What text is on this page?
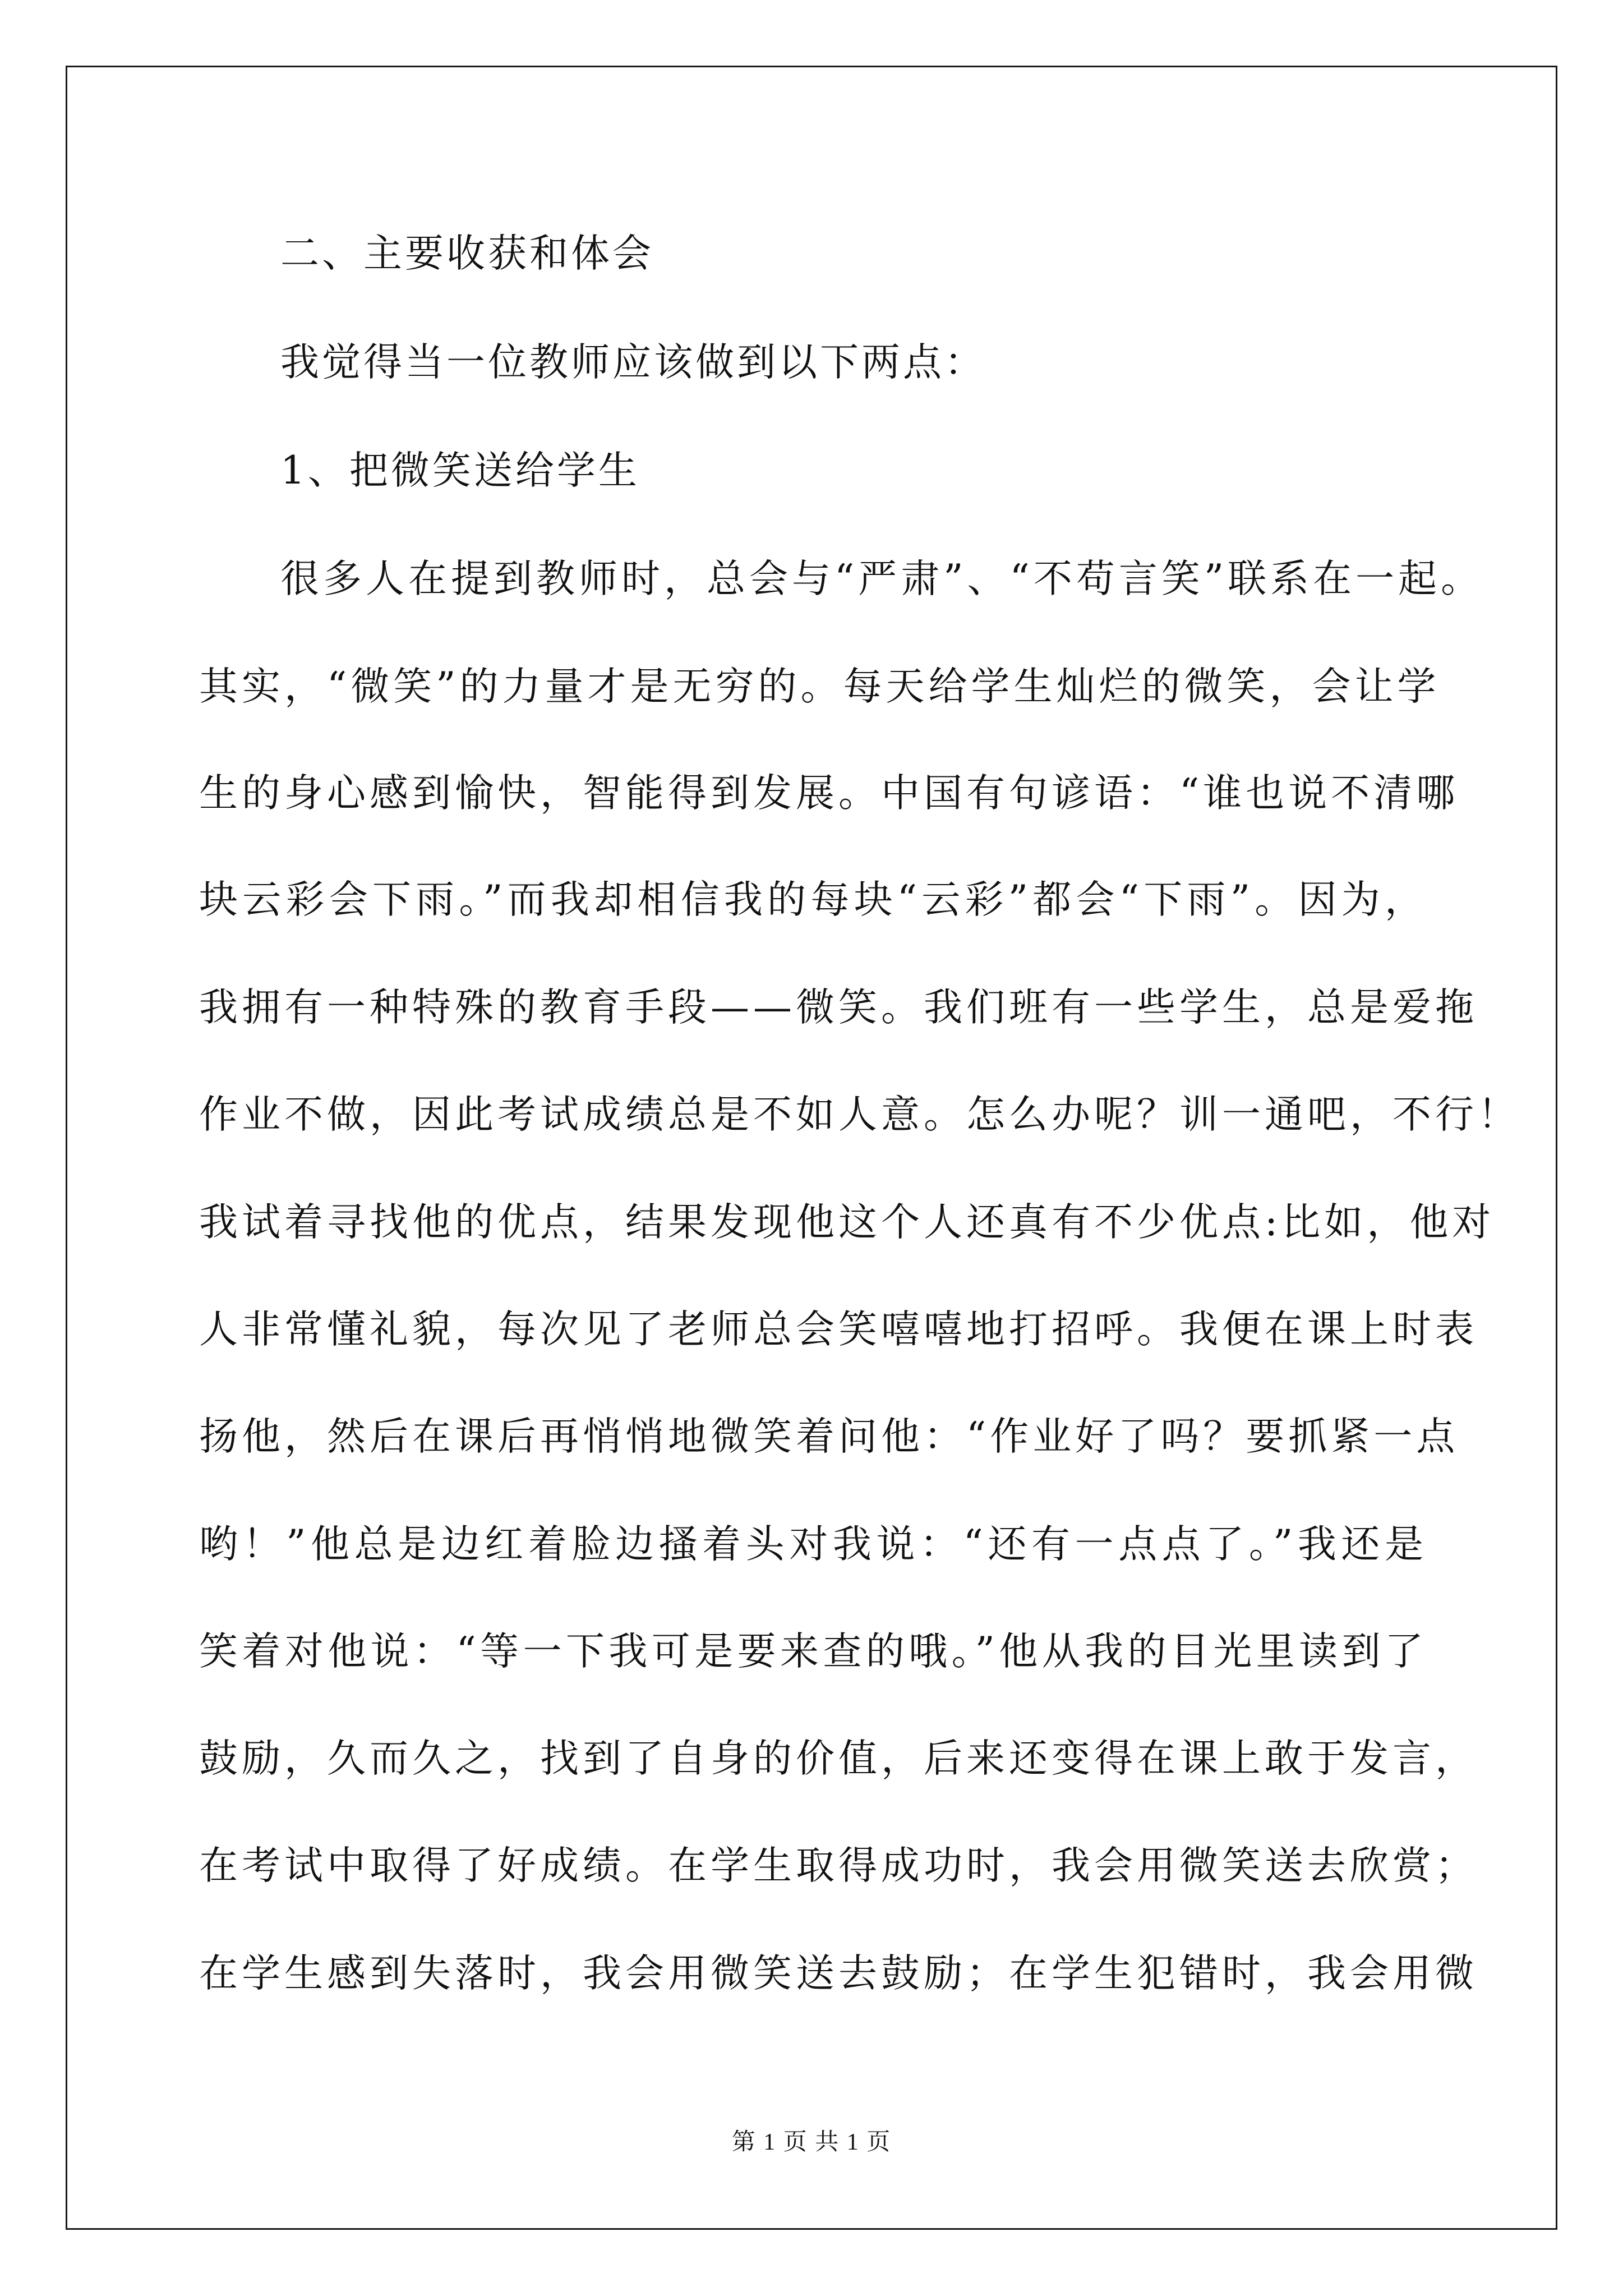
二、主要收获和体会
我觉得当一位教师应该做到以下两点：
1、把微笑送给学生
很多人在提到教师时，总会与“严肃”、“不苟言笑”联系在一起。
其实，“微笑”的力量才是无穷的。每天给学生灿烂的微笑，会让学
生的身心感到愉快，智能得到发展。中国有句谚语：“谁也说不清哪
块云彩会下雨。”而我却相信我的每块“云彩”都会“下雨”。因为，
我拥有一种特殊的教育手段——微笑。我们班有一些学生，总是爱拖
作业不做，因此考试成绩总是不如人意。怎么办呢？训一通吧，不行！
我试着寻找他的优点，结果发现他这个人还真有不少优点:比如，他对
人非常懂礼貌，每次见了老师总会笑嘻嘻地打招呼。我便在课上时表
扬他，然后在课后再悄悄地微笑着问他：“作业好了吗？要抓紧一点
哟！”他总是边红着脸边搔着头对我说：“还有一点点了。”我还是
笑着对他说：“等一下我可是要来查的哦。”他从我的目光里读到了
鼓励，久而久之，找到了自身的价值，后来还变得在课上敢于发言，
在考试中取得了好成绩。在学生取得成功时，我会用微笑送去欣赏；
在学生感到失落时，我会用微笑送去鼓励；在学生犯错时，我会用微
第 1 页 共 1 页
